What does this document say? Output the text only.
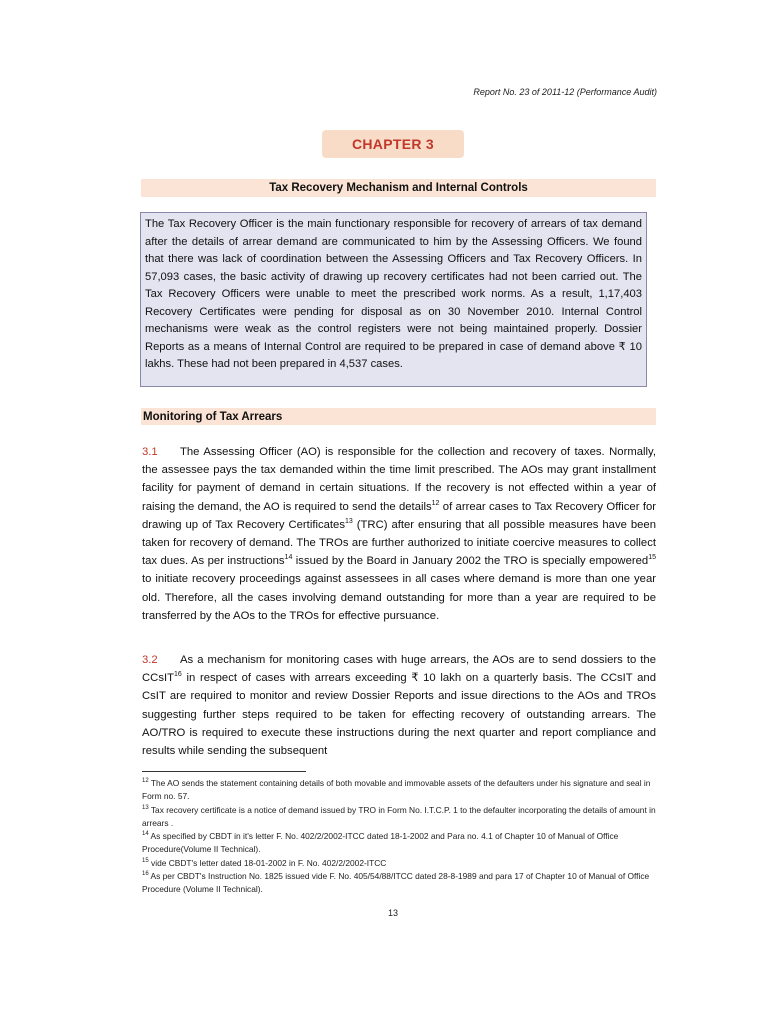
Report No. 23 of 2011-12 (Performance Audit)
CHAPTER 3
Tax Recovery Mechanism and Internal Controls
The Tax Recovery Officer is the main functionary responsible for recovery of arrears of tax demand after the details of arrear demand are communicated to him by the Assessing Officers. We found that there was lack of coordination between the Assessing Officers and Tax Recovery Officers. In 57,093 cases, the basic activity of drawing up recovery certificates had not been carried out. The Tax Recovery Officers were unable to meet the prescribed work norms. As a result, 1,17,403 Recovery Certificates were pending for disposal as on 30 November 2010. Internal Control mechanisms were weak as the control registers were not being maintained properly. Dossier Reports as a means of Internal Control are required to be prepared in case of demand above ₹ 10 lakhs. These had not been prepared in 4,537 cases.
Monitoring of Tax Arrears
3.1 The Assessing Officer (AO) is responsible for the collection and recovery of taxes. Normally, the assessee pays the tax demanded within the time limit prescribed. The AOs may grant installment facility for payment of demand in certain situations. If the recovery is not effected within a year of raising the demand, the AO is required to send the details$^{12}$ of arrear cases to Tax Recovery Officer for drawing up of Tax Recovery Certificates$^{13}$ (TRC) after ensuring that all possible measures have been taken for recovery of demand. The TROs are further authorized to initiate coercive measures to collect tax dues. As per instructions$^{14}$ issued by the Board in January 2002 the TRO is specially empowered$^{15}$ to initiate recovery proceedings against assessees in all cases where demand is more than one year old. Therefore, all the cases involving demand outstanding for more than a year are required to be transferred by the AOs to the TROs for effective pursuance.
3.2 As a mechanism for monitoring cases with huge arrears, the AOs are to send dossiers to the CCsIT$^{16}$ in respect of cases with arrears exceeding ₹ 10 lakh on a quarterly basis. The CCsIT and CsIT are required to monitor and review Dossier Reports and issue directions to the AOs and TROs suggesting further steps required to be taken for effecting recovery of outstanding arrears. The AO/TRO is required to execute these instructions during the next quarter and report compliance and results while sending the subsequent

$^{12}$ The AO sends the statement containing details of both movable and immovable assets of the defaulters under his signature and seal in Form no. 57.

$^{13}$ Tax recovery certificate is a notice of demand issued by TRO in Form No. I.T.C.P. 1 to the defaulter incorporating the details of amount in arrears .

$^{14}$ As specified by CBDT in it's letter F. No. 402/2/2002-ITCC dated 18-1-2002 and Para no. 4.1 of Chapter 10 of Manual of Office Procedure(Volume II Technical).

$^{15}$ vide CBDT's letter dated 18-01-2002 in F. No. 402/2/2002-ITCC

$^{16}$ As per CBDT's Instruction No. 1825 issued vide F. No. 405/54/88/ITCC dated 28-8-1989 and para 17 of Chapter 10 of Manual of Office Procedure (Volume II Technical).

13
